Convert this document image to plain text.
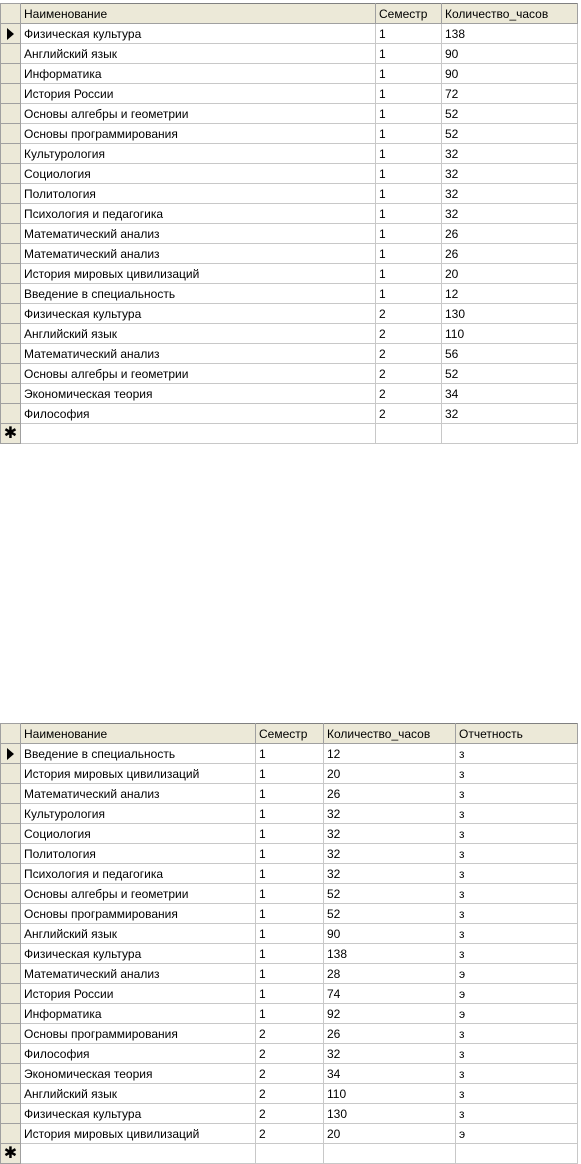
	Наименование	Семестр	Количество_часов
	Физическая культура	1	138
	Английский язык	1	90
	Информатика	1	90
	История России	1	72
	Основы алгебры и геометрии	1	52
	Основы программирования	1	52
	Культурология	1	32
	Социология	1	32
	Политология	1	32
	Психология и педагогика	1	32
	Математический анализ	1	26
	Математический анализ	1	26
	История мировых цивилизаций	1	20
	Введение в специальность	1	12
	Физическая культура	2	130
	Английский язык	2	110
	Математический анализ	2	56
	Основы алгебры и геометрии	2	52
	Экономическая теория	2	34
	Философия	2	32
✱			
	Наименование	Семестр	Количество_часов	Отчетность
	Введение в специальность	1	12	з
	История мировых цивилизаций	1	20	з
	Математический анализ	1	26	з
	Культурология	1	32	з
	Социология	1	32	з
	Политология	1	32	з
	Психология и педагогика	1	32	з
	Основы алгебры и геометрии	1	52	з
	Основы программирования	1	52	з
	Английский язык	1	90	з
	Физическая культура	1	138	з
	Математический анализ	1	28	э
	История России	1	74	э
	Информатика	1	92	э
	Основы программирования	2	26	з
	Философия	2	32	з
	Экономическая теория	2	34	з
	Английский язык	2	110	з
	Физическая культура	2	130	з
	История мировых цивилизаций	2	20	э
✱				
